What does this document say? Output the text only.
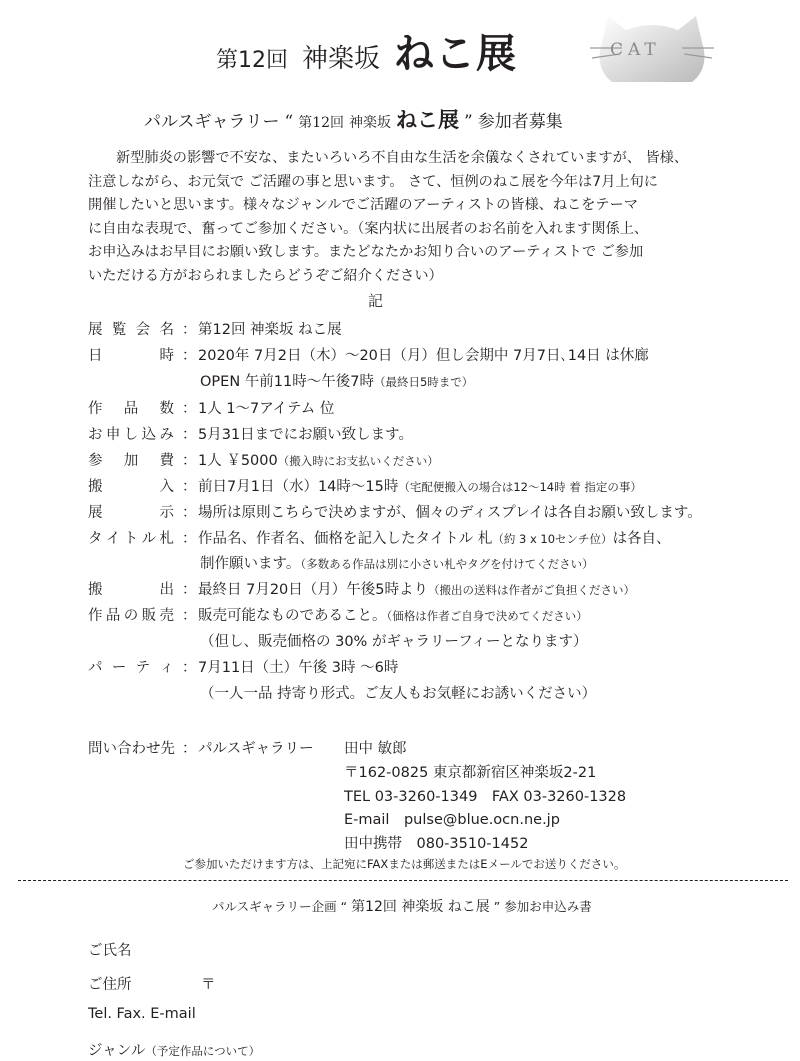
第12回 神楽坂 ねこ展	CAT
パルスギャラリー “ 第12回 神楽坂 ねこ展 ” 参加者募集
新型肺炎の影響で不安な、またいろいろ不自由な生活を余儀なくされていますが、 皆様、
注意しながら、お元気で ご活躍の事と思います。 さて、恒例のねこ展を今年は7月上旬に
開催したいと思います。様々なジャンルでご活躍のアーティストの皆様、ねこをテーマ
に自由な表現で、奮ってご参加ください。（案内状に出展者のお名前を入れます関係上、
お申込みはお早目にお願い致します。またどなたかお知り合いのアーティストで ご参加
いただける方がおられましたらどうぞご紹介ください）
記
展 覧 会 名 ： 第12回 神楽坂 ねこ展
日	時 ： 2020年 7月2日（木）～20日（月）但し会期中 7月7日､14日 は休廊
OPEN 午前11時～午後7時（最終日5時まで）
作 品 数 ： 1人 1～7アイテム 位
お 申 し 込 み ： 5月31日までにお願い致します。
参 加 費 ： 1人 ￥5000（搬入時にお支払いください）
搬	入 ： 前日7月1日（水）14時～15時（宅配便搬入の場合は12～14時 着 指定の事）
展	示 ： 場所は原則こちらで決めますが、個々のディスプレイは各自お願い致します。
タ イ ト ル 札 ： 作品名、作者名、価格を記入したタイトル 札（約 3 x 10センチ位）は各自、
制作願います。（多数ある作品は別に小さい札やタグを付けてください）
搬	出 ： 最終日 7月20日（月）午後5時より（搬出の送料は作者がご負担ください）
作 品 の 販 売 ： 販売可能なものであること。（価格は作者ご自身で決めてください）
（但し、販売価格の 30% がギャラリーフィーとなります）
パ ー テ ィ ： 7月11日（土）午後 3時 ～6時
（一人一品 持寄り形式。ご友人もお気軽にお誘いください）
問い合わせ先 ： パルスギャラリー 田中 敏郎
〒162-0825 東京都新宿区神楽坂2-21
TEL 03-3260-1349　FAX 03-3260-1328
E-mail　pulse@blue.ocn.ne.jp
田中携帯　080-3510-1452
ご参加いただけます方は、上記宛にFAXまたは郵送またはEメールでお送りください。
パルスギャラリー企画 “ 第12回 神楽坂 ねこ展 ” 参加お申込み書
ご氏名
ご住所	〒
Tel. Fax. E-mail
ジャンル（予定作品について）
